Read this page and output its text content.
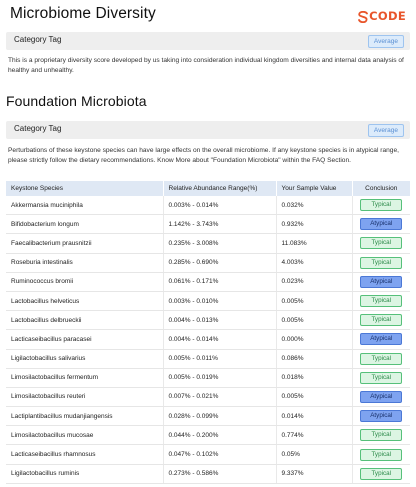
Microbiome Diversity	CODE
Category Tag	Average
This is a proprietary diversity score developed by us taking into consideration individual kingdom diversities and internal data analysis of healthy and unhealthy.
Foundation Microbiota
Category Tag	Average
Perturbations of these keystone species can have large effects on the overall microbiome. If any keystone species is in atypical range, please strictly follow the dietary recommendations. Know More about "Foundation Microbiota" within the FAQ Section.
Keystone Species	Relative Abundance Range(%)	Your Sample Value	Conclusion
Akkermansia muciniphila	0.003% - 0.014%	0.032%	Typical
Bifidobacterium longum	1.142% - 3.743%	0.932%	Atypical
Faecalibacterium prausnitzii	0.235% - 3.008%	11.083%	Typical
Roseburia intestinalis	0.285% - 0.690%	4.003%	Typical
Ruminococcus bromii	0.061% - 0.171%	0.023%	Atypical
Lactobacillus helveticus	0.003% - 0.010%	0.005%	Typical
Lactobacillus delbrueckii	0.004% - 0.013%	0.005%	Typical
Lacticaseibacillus paracasei	0.004% - 0.014%	0.000%	Atypical
Ligilactobacillus salivarius	0.005% - 0.011%	0.086%	Typical
Limosilactobacillus fermentum	0.005% - 0.019%	0.018%	Typical
Limosilactobacillus reuteri	0.007% - 0.021%	0.005%	Atypical
Lactiplantibacillus mudanjiangensis	0.028% - 0.099%	0.014%	Atypical
Limosilactobacillus mucosae	0.044% - 0.200%	0.774%	Typical
Lacticaseibacillus rhamnosus	0.047% - 0.102%	0.05%	Typical
Ligilactobacillus ruminis	0.273% - 0.586%	9.337%	Typical
